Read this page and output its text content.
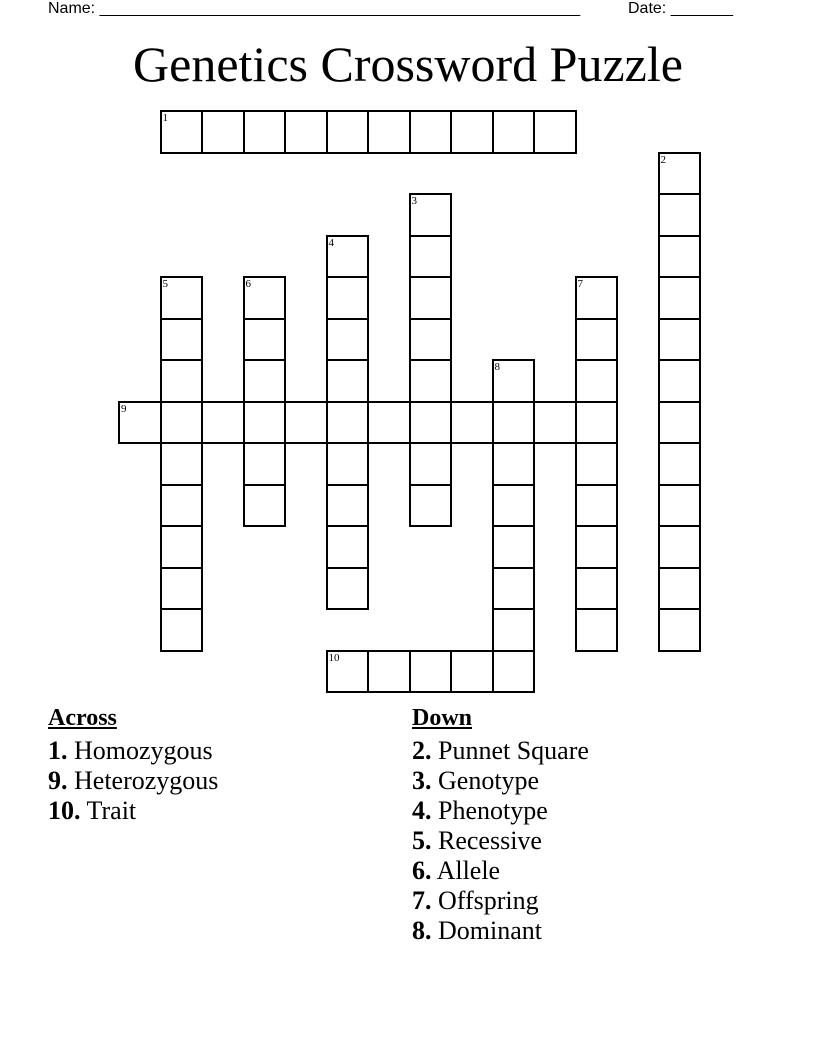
Name: ______________________________________________________	Date: _______
Genetics Crossword Puzzle
1
2
3
4
5	6	7
8
9
10
Across
1. Homozygous
9. Heterozygous
10. Trait
Down
2. Punnet Square
3. Genotype
4. Phenotype
5. Recessive
6. Allele
7. Offspring
8. Dominant
